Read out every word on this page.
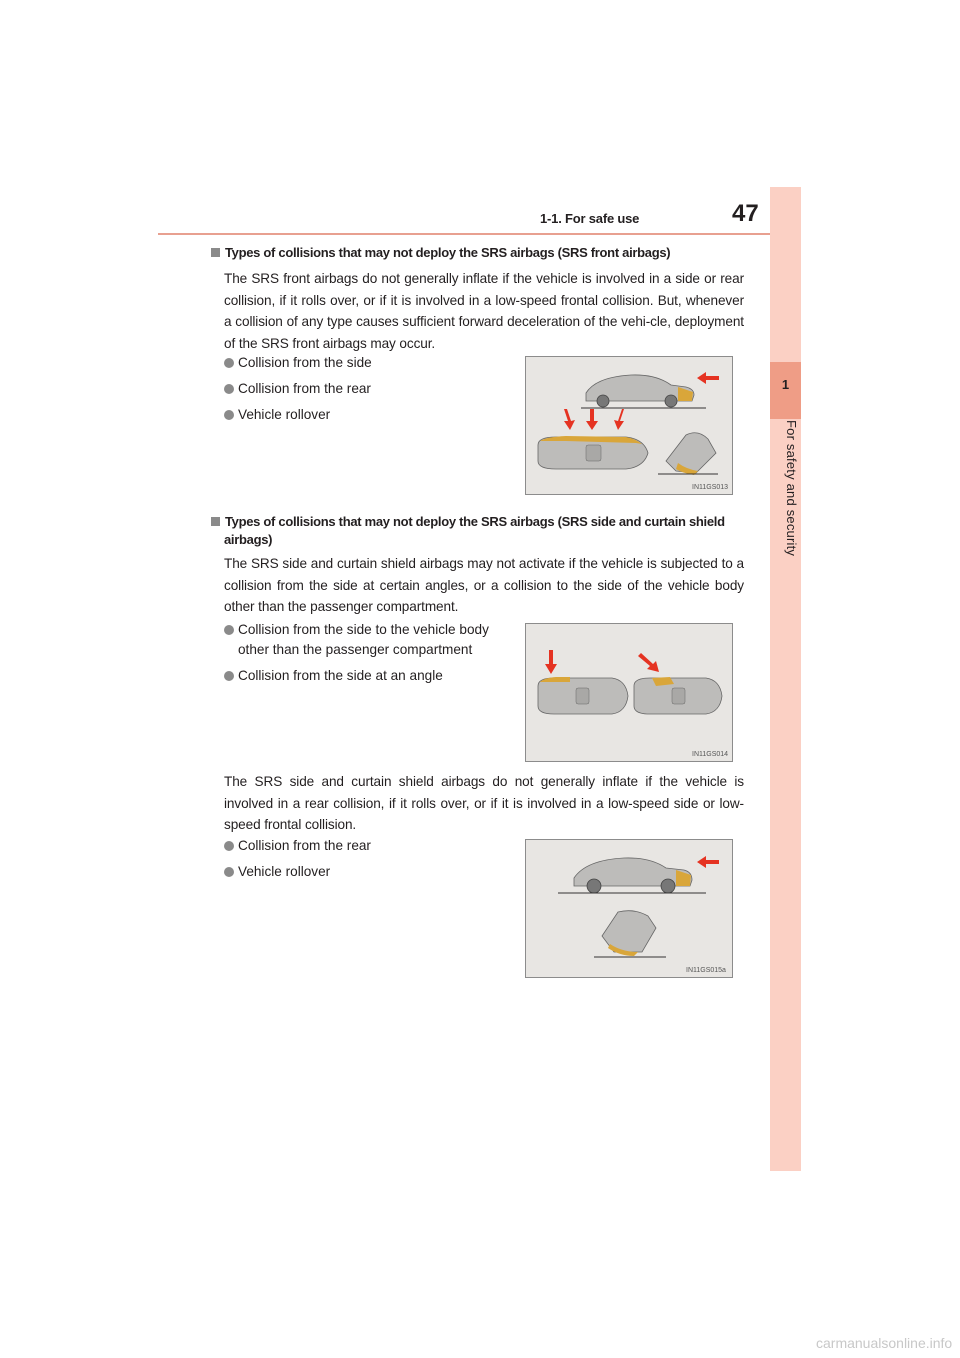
1-1. For safe use	47
1
For safety and security
Types of collisions that may not deploy the SRS airbags (SRS front airbags)
The SRS front airbags do not generally inflate if the vehicle is involved in a side or rear collision, if it rolls over, or if it is involved in a low-speed frontal collision. But, whenever a collision of any type causes sufficient forward deceleration of the vehi-cle, deployment of the SRS front airbags may occur.
Collision from the side
Collision from the rear
Vehicle rollover
IN11GS013
Types of collisions that may not deploy the SRS airbags (SRS side and curtain shield
airbags)
The SRS side and curtain shield airbags may not activate if the vehicle is subjected to a collision from the side at certain angles, or a collision to the side of the vehicle body other than the passenger compartment.
Collision from the side to the vehicle body
other than the passenger compartment
Collision from the side at an angle
IN11GS014
The SRS side and curtain shield airbags do not generally inflate if the vehicle is involved in a rear collision, if it rolls over, or if it is involved in a low-speed side or low-speed frontal collision.
Collision from the rear
Vehicle rollover
IN11GS015a
carmanualsonline.info
